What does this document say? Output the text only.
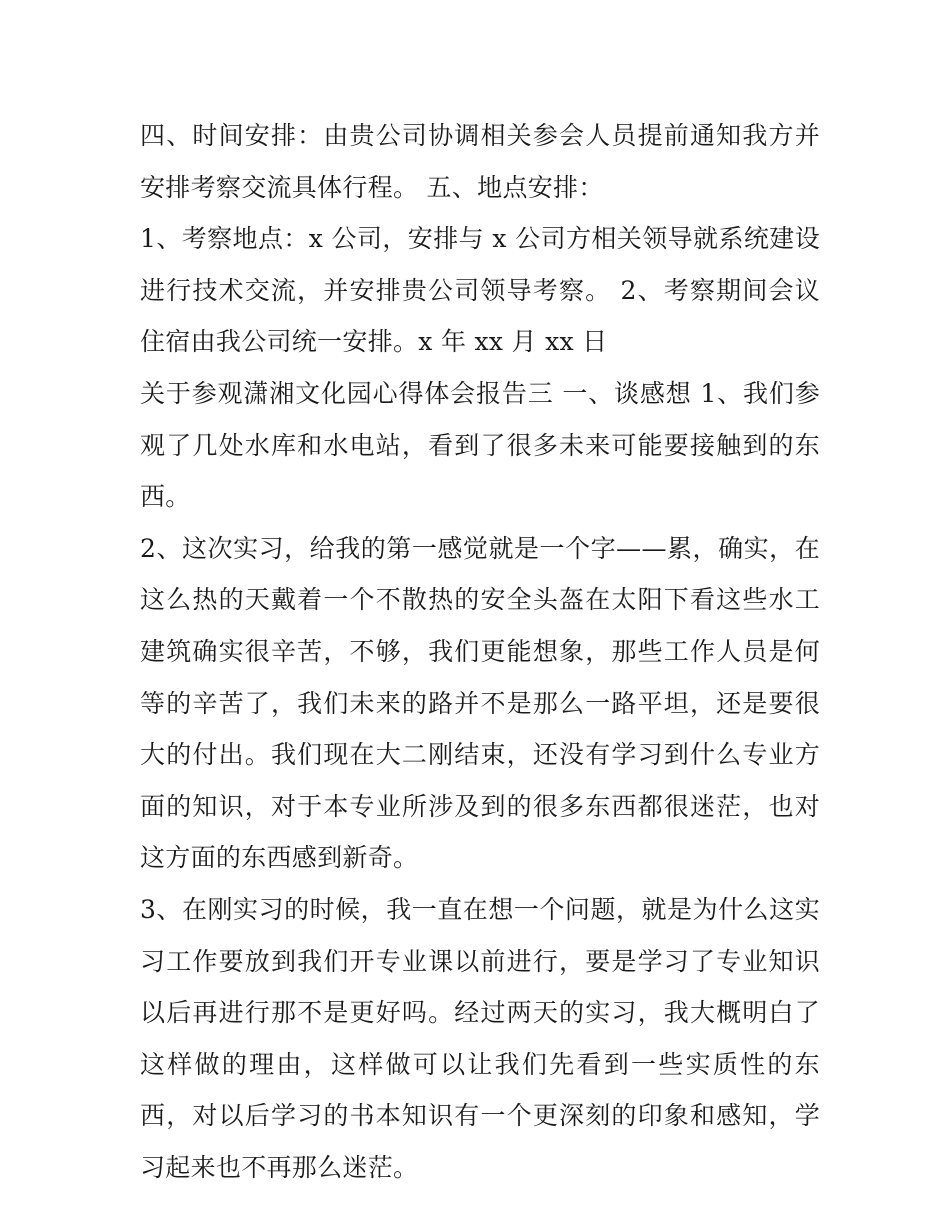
四、时间安排：由贵公司协调相关参会人员提前通知我方并安排考察交流具体行程。 五、地点安排：

1、考察地点：x 公司，安排与 x 公司方相关领导就系统建设进行技术交流，并安排贵公司领导考察。 2、考察期间会议住宿由我公司统一安排。x 年 xx 月 xx 日

关于参观潇湘文化园心得体会报告三 一、谈感想 1、我们参观了几处水库和水电站，看到了很多未来可能要接触到的东西。

2、这次实习，给我的第一感觉就是一个字——累，确实，在这么热的天戴着一个不散热的安全头盔在太阳下看这些水工建筑确实很辛苦，不够，我们更能想象，那些工作人员是何等的辛苦了，我们未来的路并不是那么一路平坦，还是要很大的付出。我们现在大二刚结束，还没有学习到什么专业方面的知识，对于本专业所涉及到的很多东西都很迷茫，也对这方面的东西感到新奇。

3、在刚实习的时候，我一直在想一个问题，就是为什么这实习工作要放到我们开专业课以前进行，要是学习了专业知识以后再进行那不是更好吗。经过两天的实习，我大概明白了这样做的理由，这样做可以让我们先看到一些实质性的东西，对以后学习的书本知识有一个更深刻的印象和感知，学习起来也不再那么迷茫。
